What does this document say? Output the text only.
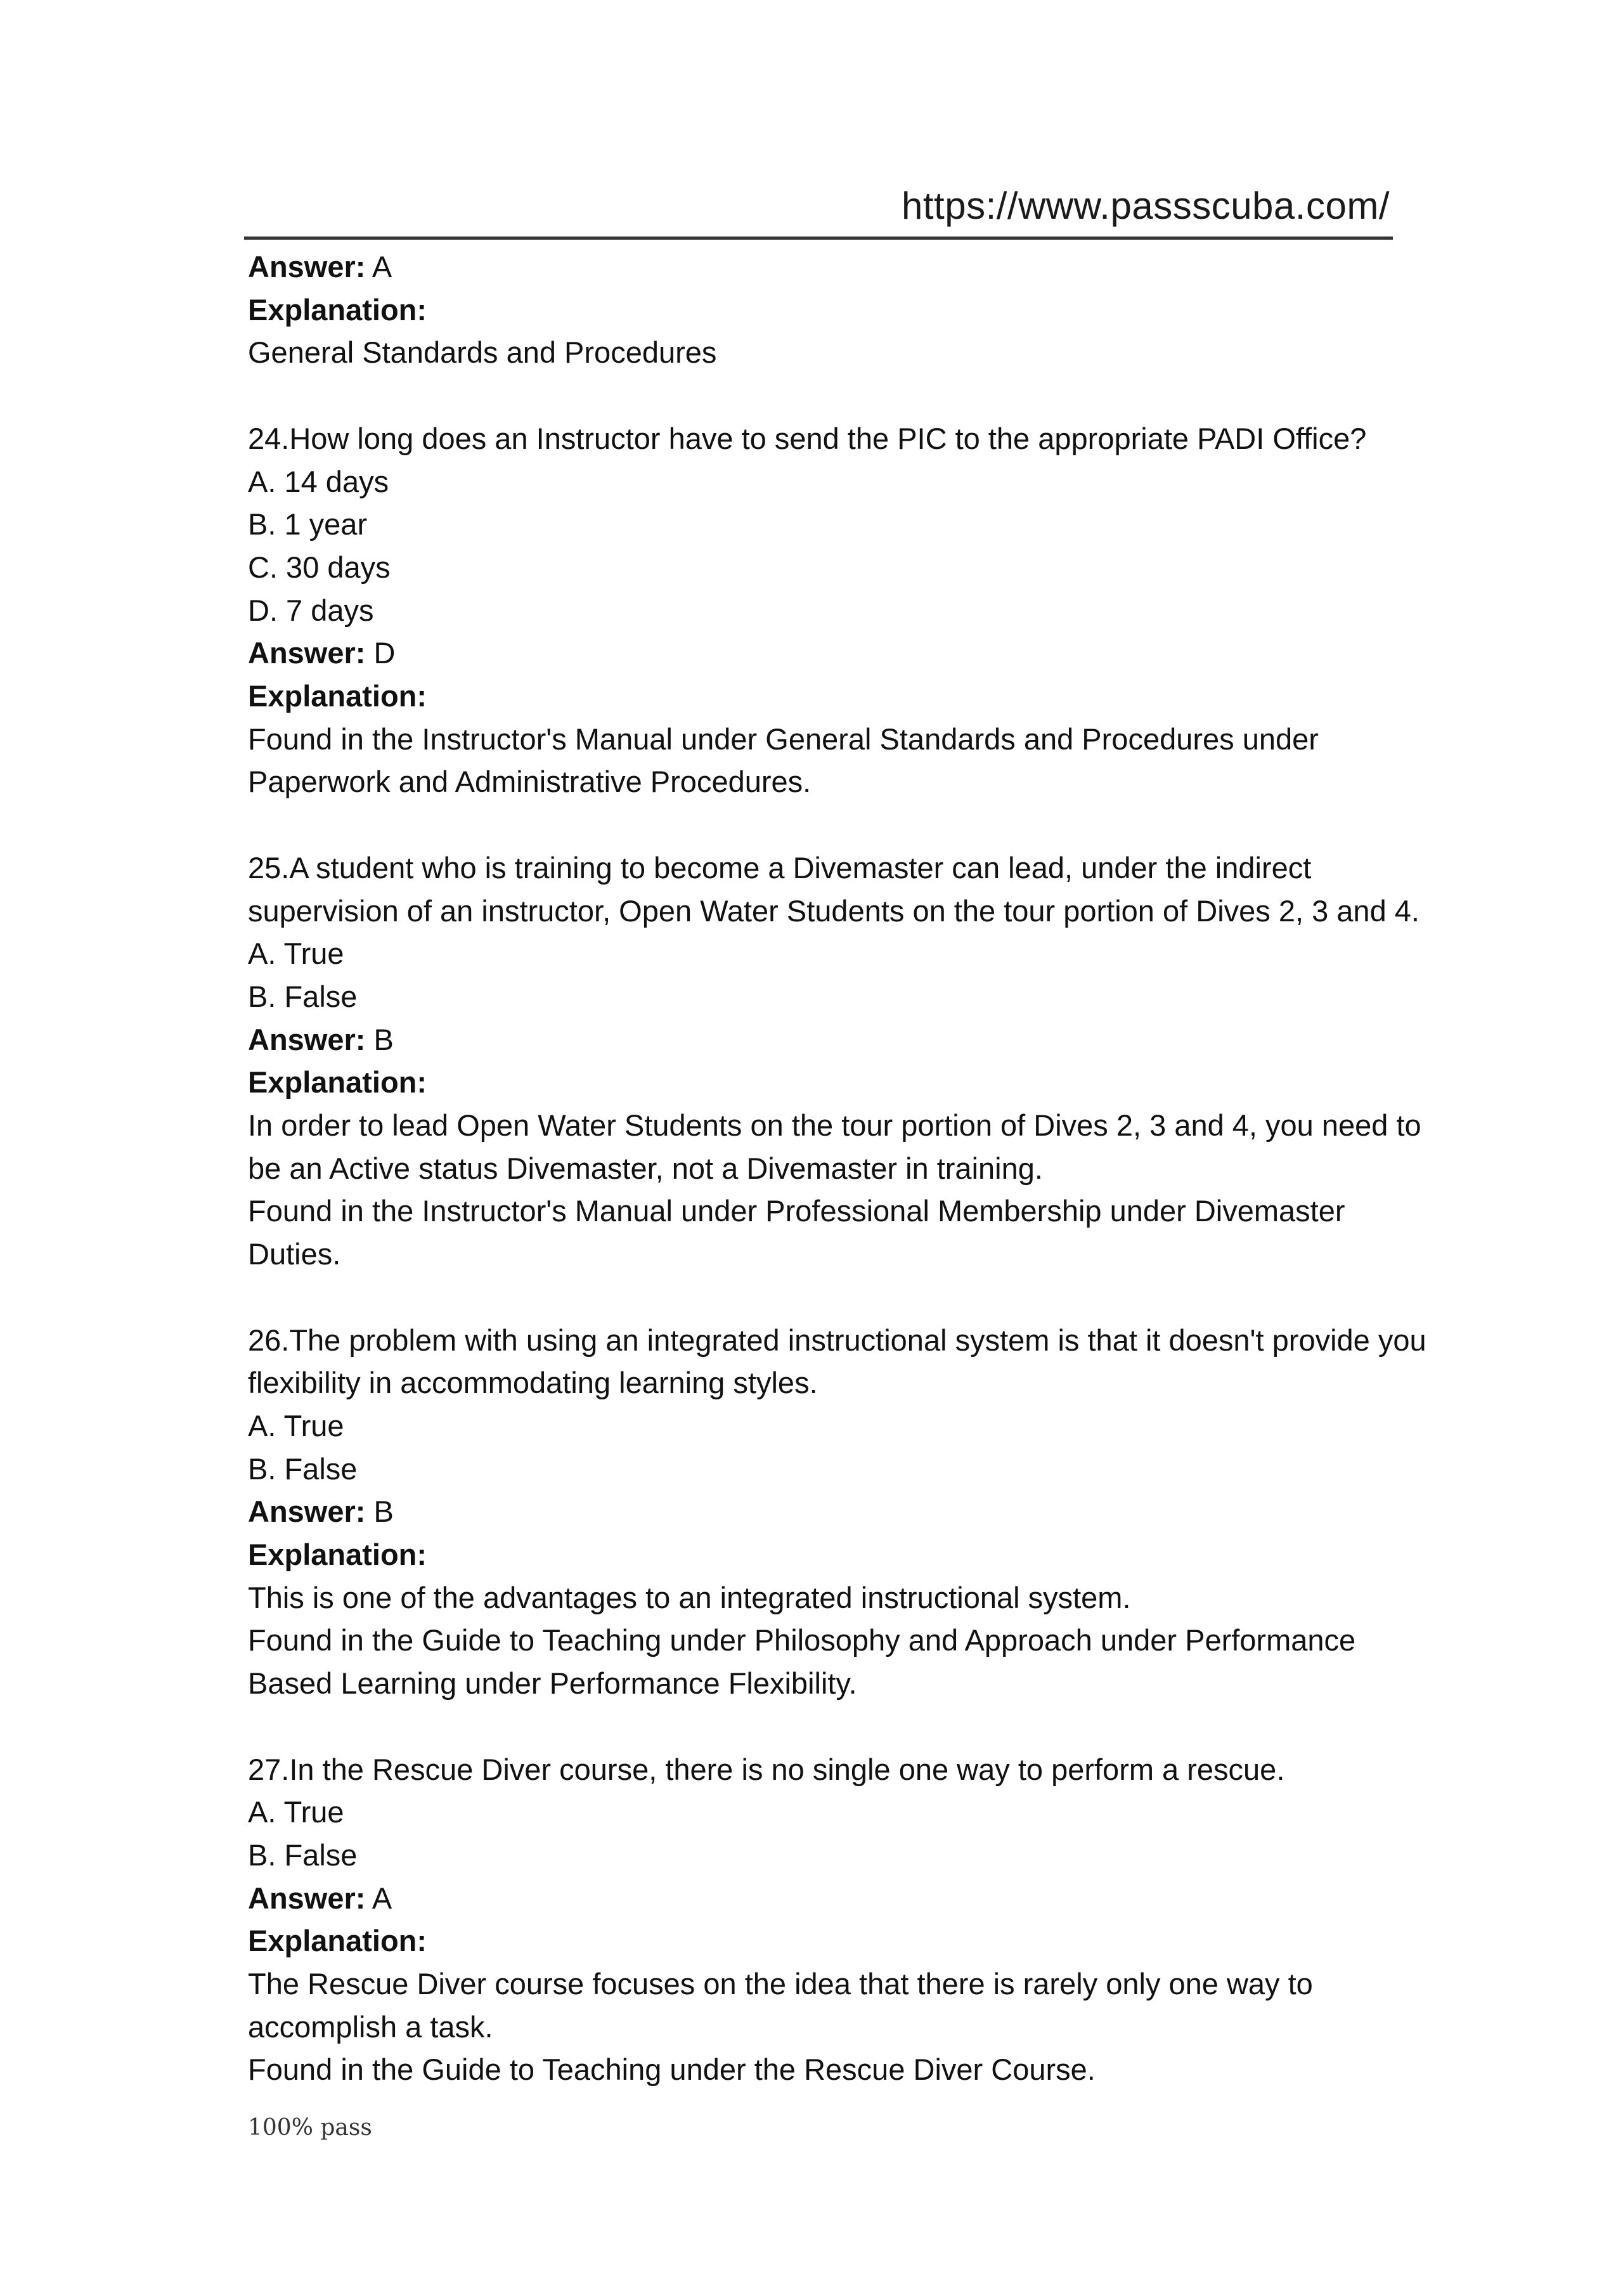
https://www.passscuba.com/

Answer: A

Explanation:

General Standards and Procedures

24.How long does an Instructor have to send the PIC to the appropriate PADI Office?

A. 14 days

B. 1 year

C. 30 days

D. 7 days

Answer: D

Explanation:

Found in the Instructor's Manual under General Standards and Procedures under

Paperwork and Administrative Procedures.

25.A student who is training to become a Divemaster can lead, under the indirect

supervision of an instructor, Open Water Students on the tour portion of Dives 2, 3 and 4.

A. True

B. False

Answer: B

Explanation:

In order to lead Open Water Students on the tour portion of Dives 2, 3 and 4, you need to

be an Active status Divemaster, not a Divemaster in training.

Found in the Instructor's Manual under Professional Membership under Divemaster

Duties.

26.The problem with using an integrated instructional system is that it doesn't provide you

flexibility in accommodating learning styles.

A. True

B. False

Answer: B

Explanation:

This is one of the advantages to an integrated instructional system.

Found in the Guide to Teaching under Philosophy and Approach under Performance

Based Learning under Performance Flexibility.

27.In the Rescue Diver course, there is no single one way to perform a rescue.

A. True

B. False

Answer: A

Explanation:

The Rescue Diver course focuses on the idea that there is rarely only one way to

accomplish a task.

Found in the Guide to Teaching under the Rescue Diver Course.

100% pass
